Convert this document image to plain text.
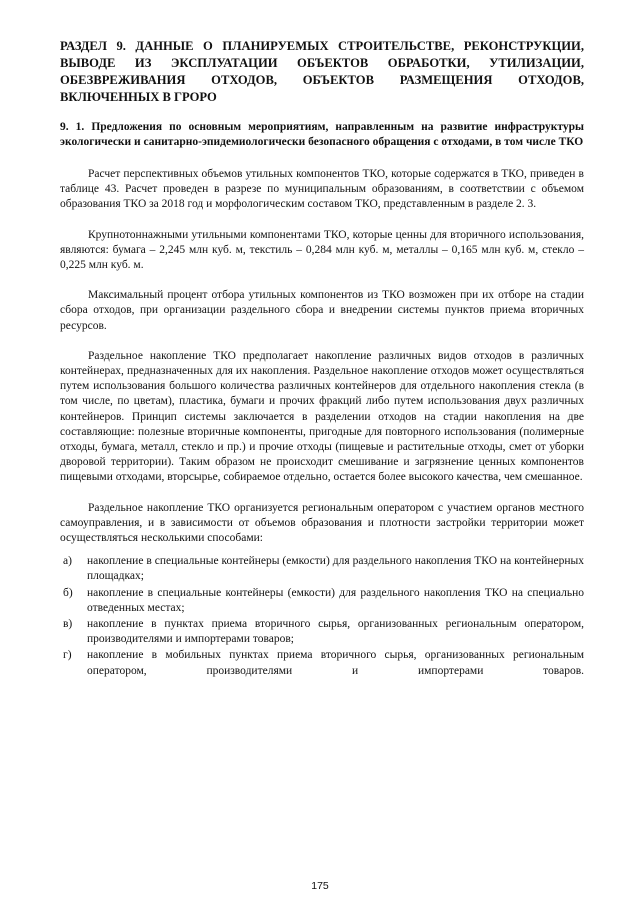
РАЗДЕЛ 9. ДАННЫЕ О ПЛАНИРУЕМЫХ СТРОИТЕЛЬСТВЕ, РЕКОНСТРУКЦИИ, ВЫВОДЕ ИЗ ЭКСПЛУАТАЦИИ ОБЪЕКТОВ ОБРАБОТКИ, УТИЛИЗАЦИИ, ОБЕЗВРЕЖИВАНИЯ ОТХОДОВ, ОБЪЕКТОВ РАЗМЕЩЕНИЯ ОТХОДОВ, ВКЛЮЧЕННЫХ В ГРОРО
9. 1. Предложения по основным мероприятиям, направленным на развитие инфраструктуры экологически и санитарно-эпидемиологически безопасного обращения с отходами, в том числе ТКО

Расчет перспективных объемов утильных компонентов ТКО, которые содержатся в ТКО, приведен в таблице 43. Расчет проведен в разрезе по муниципальным образованиям, в соответствии с объемом образования ТКО за 2018 год и морфологическим составом ТКО, представленным в разделе 2. 3.

Крупнотоннажными утильными компонентами ТКО, которые ценны для вторичного использования, являются: бумага – 2,245 млн куб. м, текстиль – 0,284 млн куб. м, металлы – 0,165 млн куб. м, стекло – 0,225 млн куб. м.

Максимальный процент отбора утильных компонентов из ТКО возможен при их отборе на стадии сбора отходов, при организации раздельного сбора и внедрении системы пунктов приема вторичных ресурсов.

Раздельное накопление ТКО предполагает накопление различных видов отходов в различных контейнерах, предназначенных для их накопления. Раздельное накопление отходов может осуществляться путем использования большого количества различных контейнеров для отдельного накопления стекла (в том числе, по цветам), пластика, бумаги и прочих фракций либо путем использования двух различных контейнеров. Принцип системы заключается в разделении отходов на стадии накопления на две составляющие: полезные вторичные компоненты, пригодные для повторного использования (полимерные отходы, бумага, металл, стекло и пр.) и прочие отходы (пищевые и растительные отходы, смет от уборки дворовой территории). Таким образом не происходит смешивание и загрязнение ценных компонентов пищевыми отходами, вторсырье, собираемое отдельно, остается более высокого качества, чем смешанное.

Раздельное накопление ТКО организуется региональным оператором с участием органов местного самоуправления, и в зависимости от объемов образования и плотности застройки территории может осуществляться несколькими способами:

а)	накопление в специальные контейнеры (емкости) для раздельного накопления ТКО на контейнерных площадках;
б)	накопление в специальные контейнеры (емкости) для раздельного накопления ТКО на специально отведенных местах;
в)	накопление в пунктах приема вторичного сырья, организованных региональным оператором, производителями и импортерами товаров;
г)	накопление в мобильных пунктах приема вторичного сырья, организованных региональным оператором, производителями и импортерами товаров.
175
